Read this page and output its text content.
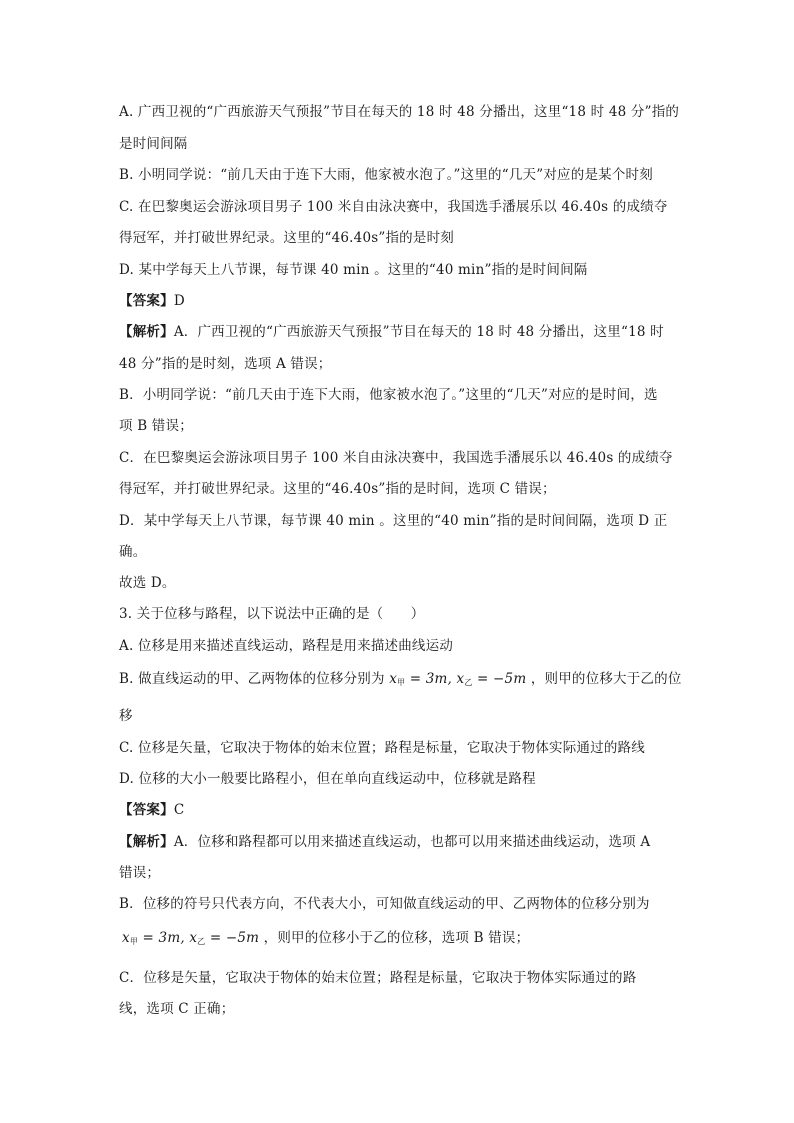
A. 广西卫视的“广西旅游天气预报”节目在每天的 18 时 48 分播出，这里“18 时 48 分”指的
是时间间隔
B. 小明同学说：“前几天由于连下大雨，他家被水泡了。”这里的“几天”对应的是某个时刻
C. 在巴黎奥运会游泳项目男子 100 米自由泳决赛中，我国选手潘展乐以 46.40s 的成绩夺
得冠军，并打破世界纪录。这里的“46.40s”指的是时刻
D. 某中学每天上八节课，每节课 40 min 。这里的“40 min”指的是时间间隔
【答案】D
【解析】A．广西卫视的“广西旅游天气预报”节目在每天的 18 时 48 分播出，这里“18 时
48 分”指的是时刻，选项 A 错误；
B．小明同学说：“前几天由于连下大雨，他家被水泡了。”这里的“几天”对应的是时间，选
项 B 错误；
C．在巴黎奥运会游泳项目男子 100 米自由泳决赛中，我国选手潘展乐以 46.40s 的成绩夺
得冠军，并打破世界纪录。这里的“46.40s”指的是时间，选项 C 错误；
D．某中学每天上八节课，每节课 40 min 。这里的“40 min”指的是时间间隔，选项 D 正
确。
故选 D。
3. 关于位移与路程，以下说法中正确的是（　　）
A. 位移是用来描述直线运动，路程是用来描述曲线运动
移
C. 位移是矢量，它取决于物体的始末位置；路程是标量，它取决于物体实际通过的路线
D. 位移的大小一般要比路程小，但在单向直线运动中，位移就是路程
【答案】C
【解析】A．位移和路程都可以用来描述直线运动，也都可以用来描述曲线运动，选项 A
错误；
B．位移的符号只代表方向，不代表大小，可知做直线运动的甲、乙两物体的位移分别为
C．位移是矢量，它取决于物体的始末位置；路程是标量，它取决于物体实际通过的路
线，选项 C 正确；
B. 做直线运动的甲、乙两物体的位移分别为 $x_甲 = 3m$, $x_乙 = -5m$ ，则甲的位移大于乙的位
$x_甲 = 3m$, $x_乙 = -5m$ ，则甲的位移小于乙的位移，选项 B 错误；
